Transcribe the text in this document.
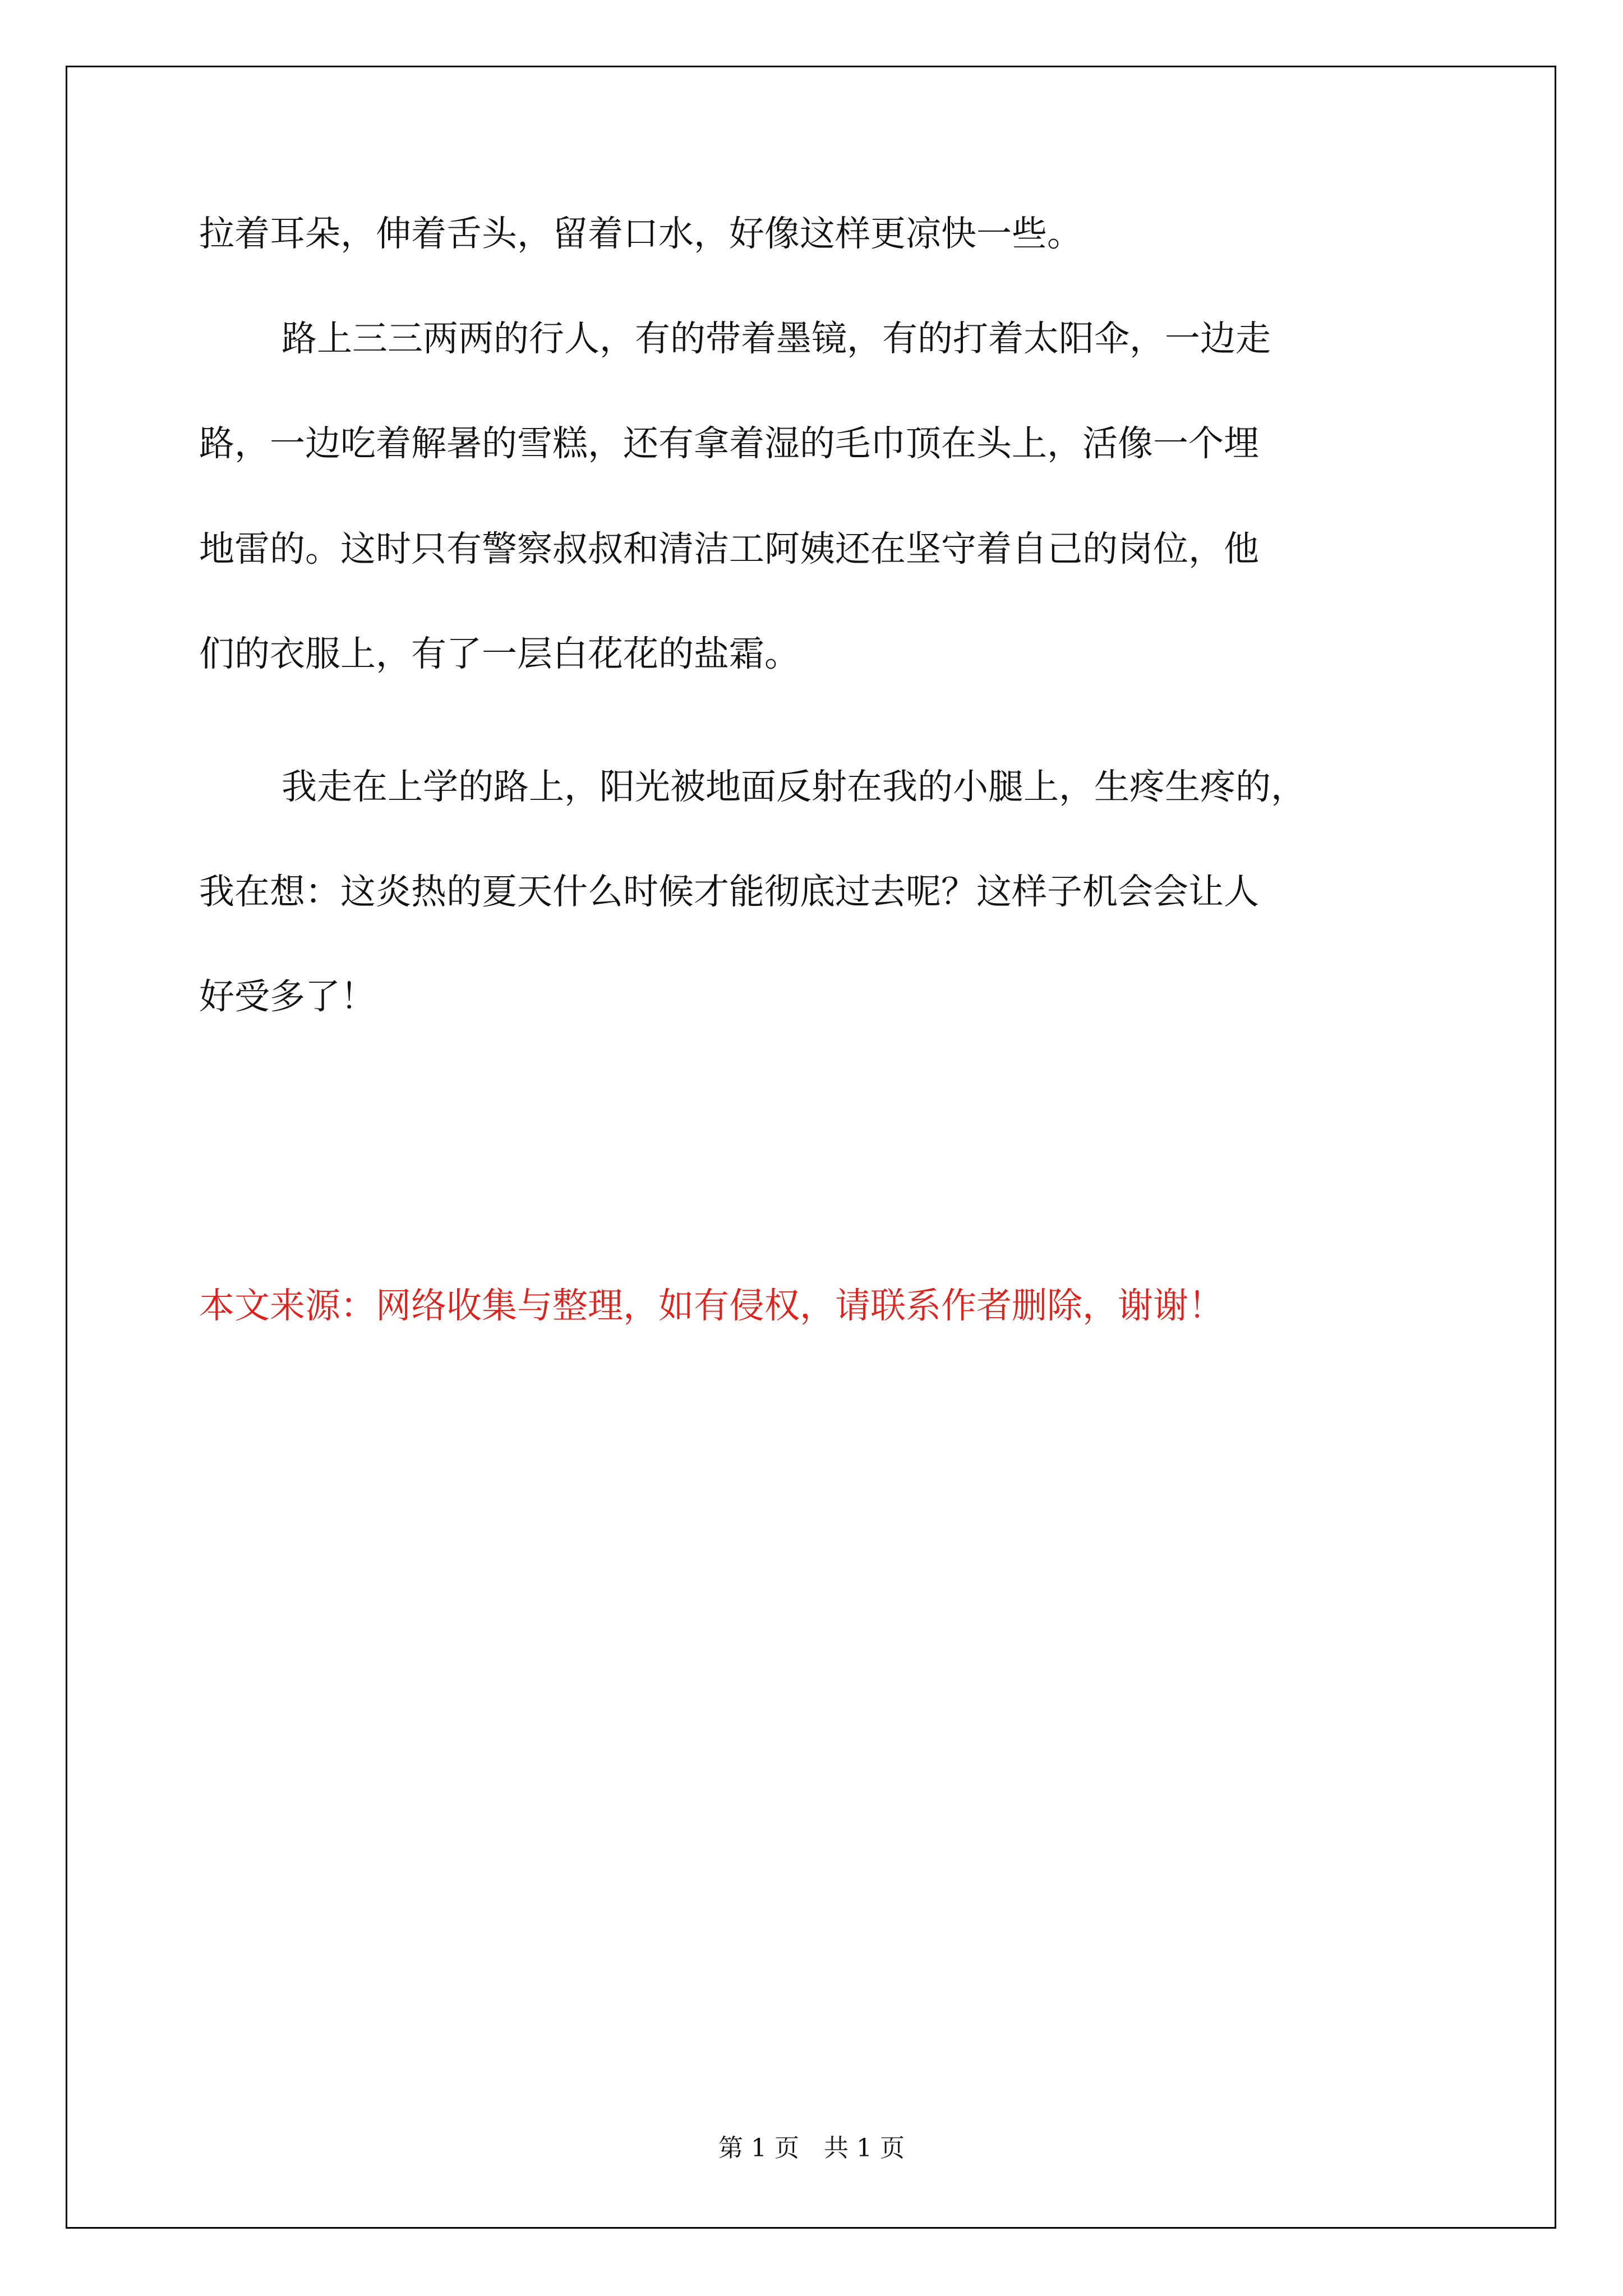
拉着耳朵，伸着舌头，留着口水，好像这样更凉快一些。
路上三三两两的行人，有的带着墨镜，有的打着太阳伞，一边走
路，一边吃着解暑的雪糕，还有拿着湿的毛巾顶在头上，活像一个埋
地雷的。这时只有警察叔叔和清洁工阿姨还在坚守着自己的岗位，他
们的衣服上，有了一层白花花的盐霜。
我走在上学的路上，阳光被地面反射在我的小腿上，生疼生疼的，
我在想：这炎热的夏天什么时候才能彻底过去呢？这样子机会会让人
好受多了！
本文来源：网络收集与整理，如有侵权，请联系作者删除，谢谢！
第 1 页　共 1 页
